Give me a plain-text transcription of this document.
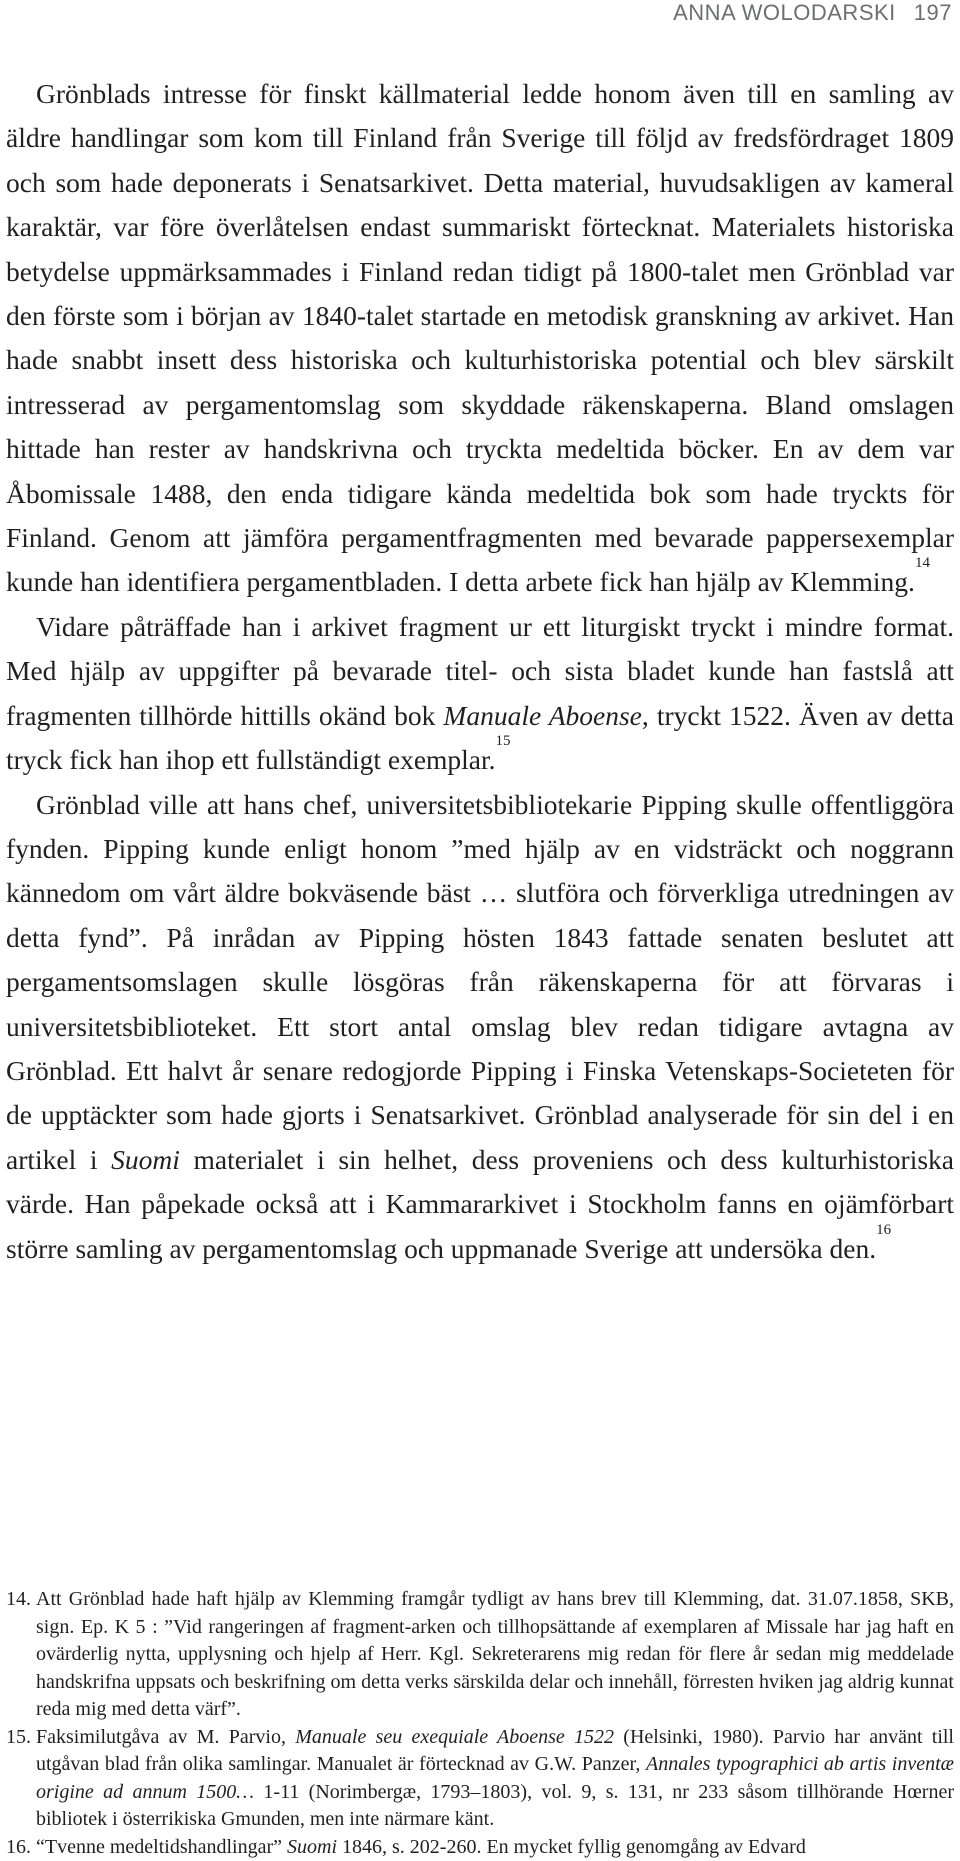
ANNA WOLODARSKI 197

Grönblads intresse för finskt källmaterial ledde honom även till en samling av äldre handlingar som kom till Finland från Sverige till följd av fredsfördraget 1809 och som hade deponerats i Senatsarkivet. Detta material, huvudsakligen av kameral karaktär, var före överlåtelsen endast summariskt förtecknat. Materialets historiska betydelse uppmärksammades i Finland redan tidigt på 1800-talet men Grönblad var den förste som i början av 1840-talet startade en metodisk granskning av arkivet. Han hade snabbt insett dess historiska och kulturhistoriska potential och blev särskilt intresserad av pergamentomslag som skyddade räkenskaperna. Bland omslagen hittade han rester av handskrivna och tryckta medeltida böcker. En av dem var Åbomissale 1488, den enda tidigare kända medeltida bok som hade tryckts för Finland. Genom att jämföra pergamentfragmenten med bevarade pappersexemplar kunde han identifiera pergamentbladen. I detta arbete fick han hjälp av Klemming.$^{14}$

Vidare påträffade han i arkivet fragment ur ett liturgiskt tryckt i mindre format. Med hjälp av uppgifter på bevarade titel- och sista bladet kunde han fastslå att fragmenten tillhörde hittills okänd bok Manuale Aboense, tryckt 1522. Även av detta tryck fick han ihop ett fullständigt exemplar.$^{15}$

Grönblad ville att hans chef, universitetsbibliotekarie Pipping skulle offentliggöra fynden. Pipping kunde enligt honom ”med hjälp av en vidsträckt och noggrann kännedom om vårt äldre bokväsende bäst … slutföra och förverkliga utredningen av detta fynd”. På inrådan av Pipping hösten 1843 fattade senaten beslutet att pergamentsomslagen skulle lösgöras från räkenskaperna för att förvaras i universitetsbiblioteket. Ett stort antal omslag blev redan tidigare avtagna av Grönblad. Ett halvt år senare redogjorde Pipping i Finska Vetenskaps-Societeten för de upptäckter som hade gjorts i Senatsarkivet. Grönblad analyserade för sin del i en artikel i Suomi materialet i sin helhet, dess proveniens och dess kulturhistoriska värde. Han påpekade också att i Kammararkivet i Stockholm fanns en ojämförbart större samling av pergamentomslag och uppmanade Sverige att undersöka den.$^{16}$

14. Att Grönblad hade haft hjälp av Klemming framgår tydligt av hans brev till Klemming, dat. 31.07.1858, SKB, sign. Ep. K 5 : ”Vid rangeringen af fragment-arken och tillhopsättande af exemplaren af Missale har jag haft en ovärderlig nytta, upplysning och hjelp af Herr. Kgl. Sekreterarens mig redan för flere år sedan mig meddelade handskrifna uppsats och beskrifning om detta verks särskilda delar och innehåll, förresten hviken jag aldrig kunnat reda mig med detta värf”.
15. Faksimilutgåva av M. Parvio, Manuale seu exequiale Aboense 1522 (Helsinki, 1980). Parvio har använt till utgåvan blad från olika samlingar. Manualet är förtecknad av G.W. Panzer, Annales typographici ab artis inventæ origine ad annum 1500… 1-11 (Norimbergæ, 1793–1803), vol. 9, s. 131, nr 233 såsom tillhörande Hœrner bibliotek i österrikiska Gmunden, men inte närmare känt.
16. “Tvenne medeltidshandlingar” Suomi 1846, s. 202-260. En mycket fyllig genomgång av Edvard
